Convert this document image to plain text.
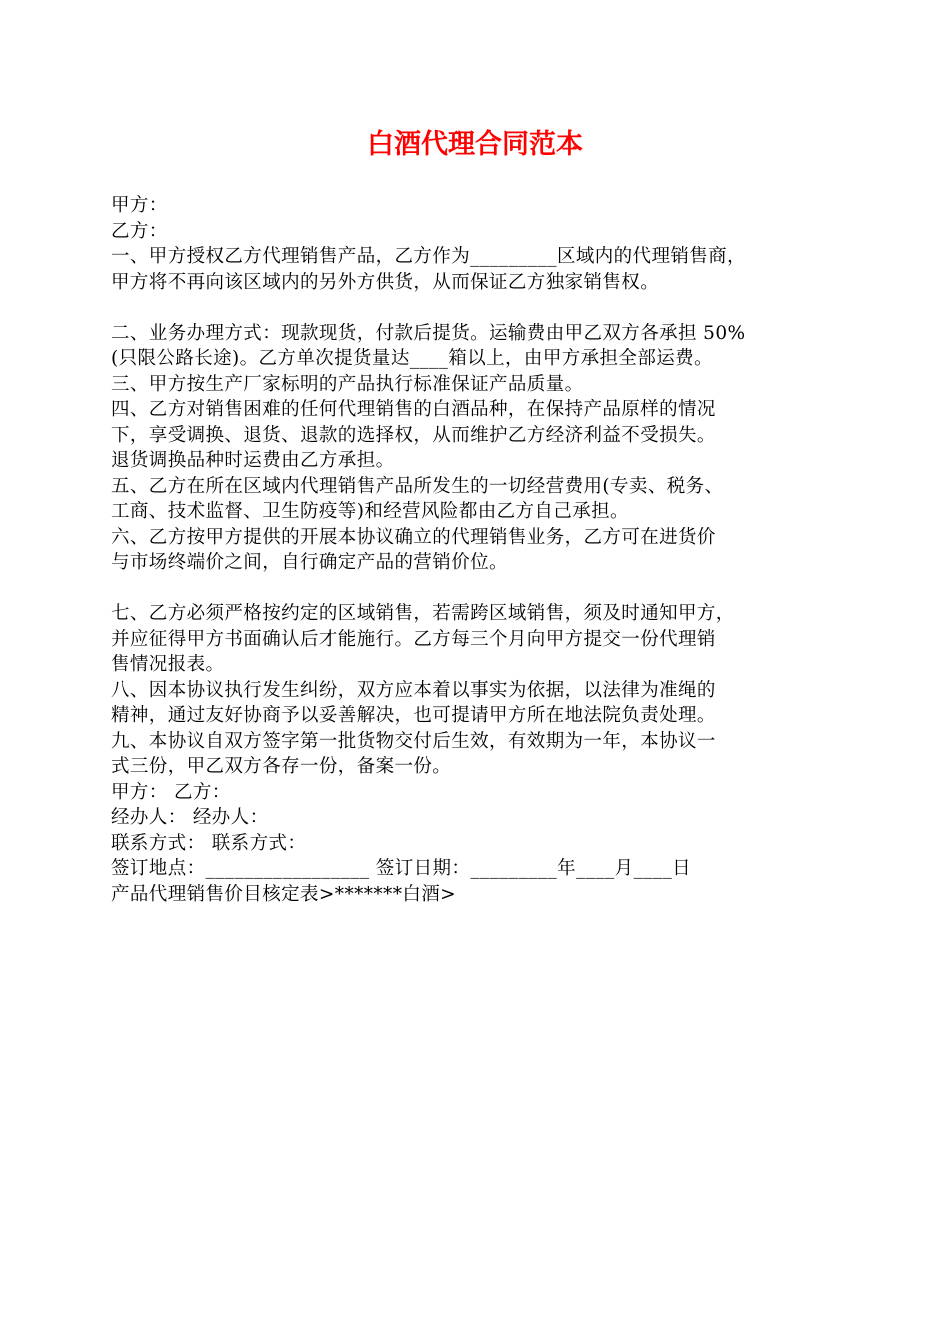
白酒代理合同范本
甲方：
乙方：
一、甲方授权乙方代理销售产品，乙方作为_________区域内的代理销售商，
甲方将不再向该区域内的另外方供货，从而保证乙方独家销售权。
二、业务办理方式：现款现货，付款后提货。运输费由甲乙双方各承担 50%
(只限公路长途)。乙方单次提货量达____箱以上，由甲方承担全部运费。
三、甲方按生产厂家标明的产品执行标准保证产品质量。
四、乙方对销售困难的任何代理销售的白酒品种，在保持产品原样的情况
下，享受调换、退货、退款的选择权，从而维护乙方经济利益不受损失。
退货调换品种时运费由乙方承担。
五、乙方在所在区域内代理销售产品所发生的一切经营费用(专卖、税务、
工商、技术监督、卫生防疫等)和经营风险都由乙方自己承担。
六、乙方按甲方提供的开展本协议确立的代理销售业务，乙方可在进货价
与市场终端价之间，自行确定产品的营销价位。
七、乙方必须严格按约定的区域销售，若需跨区域销售，须及时通知甲方，
并应征得甲方书面确认后才能施行。乙方每三个月向甲方提交一份代理销
售情况报表。
八、因本协议执行发生纠纷，双方应本着以事实为依据，以法律为准绳的
精神，通过友好协商予以妥善解决，也可提请甲方所在地法院负责处理。
九、本协议自双方签字第一批货物交付后生效，有效期为一年，本协议一
式三份，甲乙双方各存一份，备案一份。
甲方： 乙方：
经办人： 经办人：
联系方式： 联系方式：
签订地点：_________________ 签订日期：_________年____月____日
产品代理销售价目核定表>*******白酒>
